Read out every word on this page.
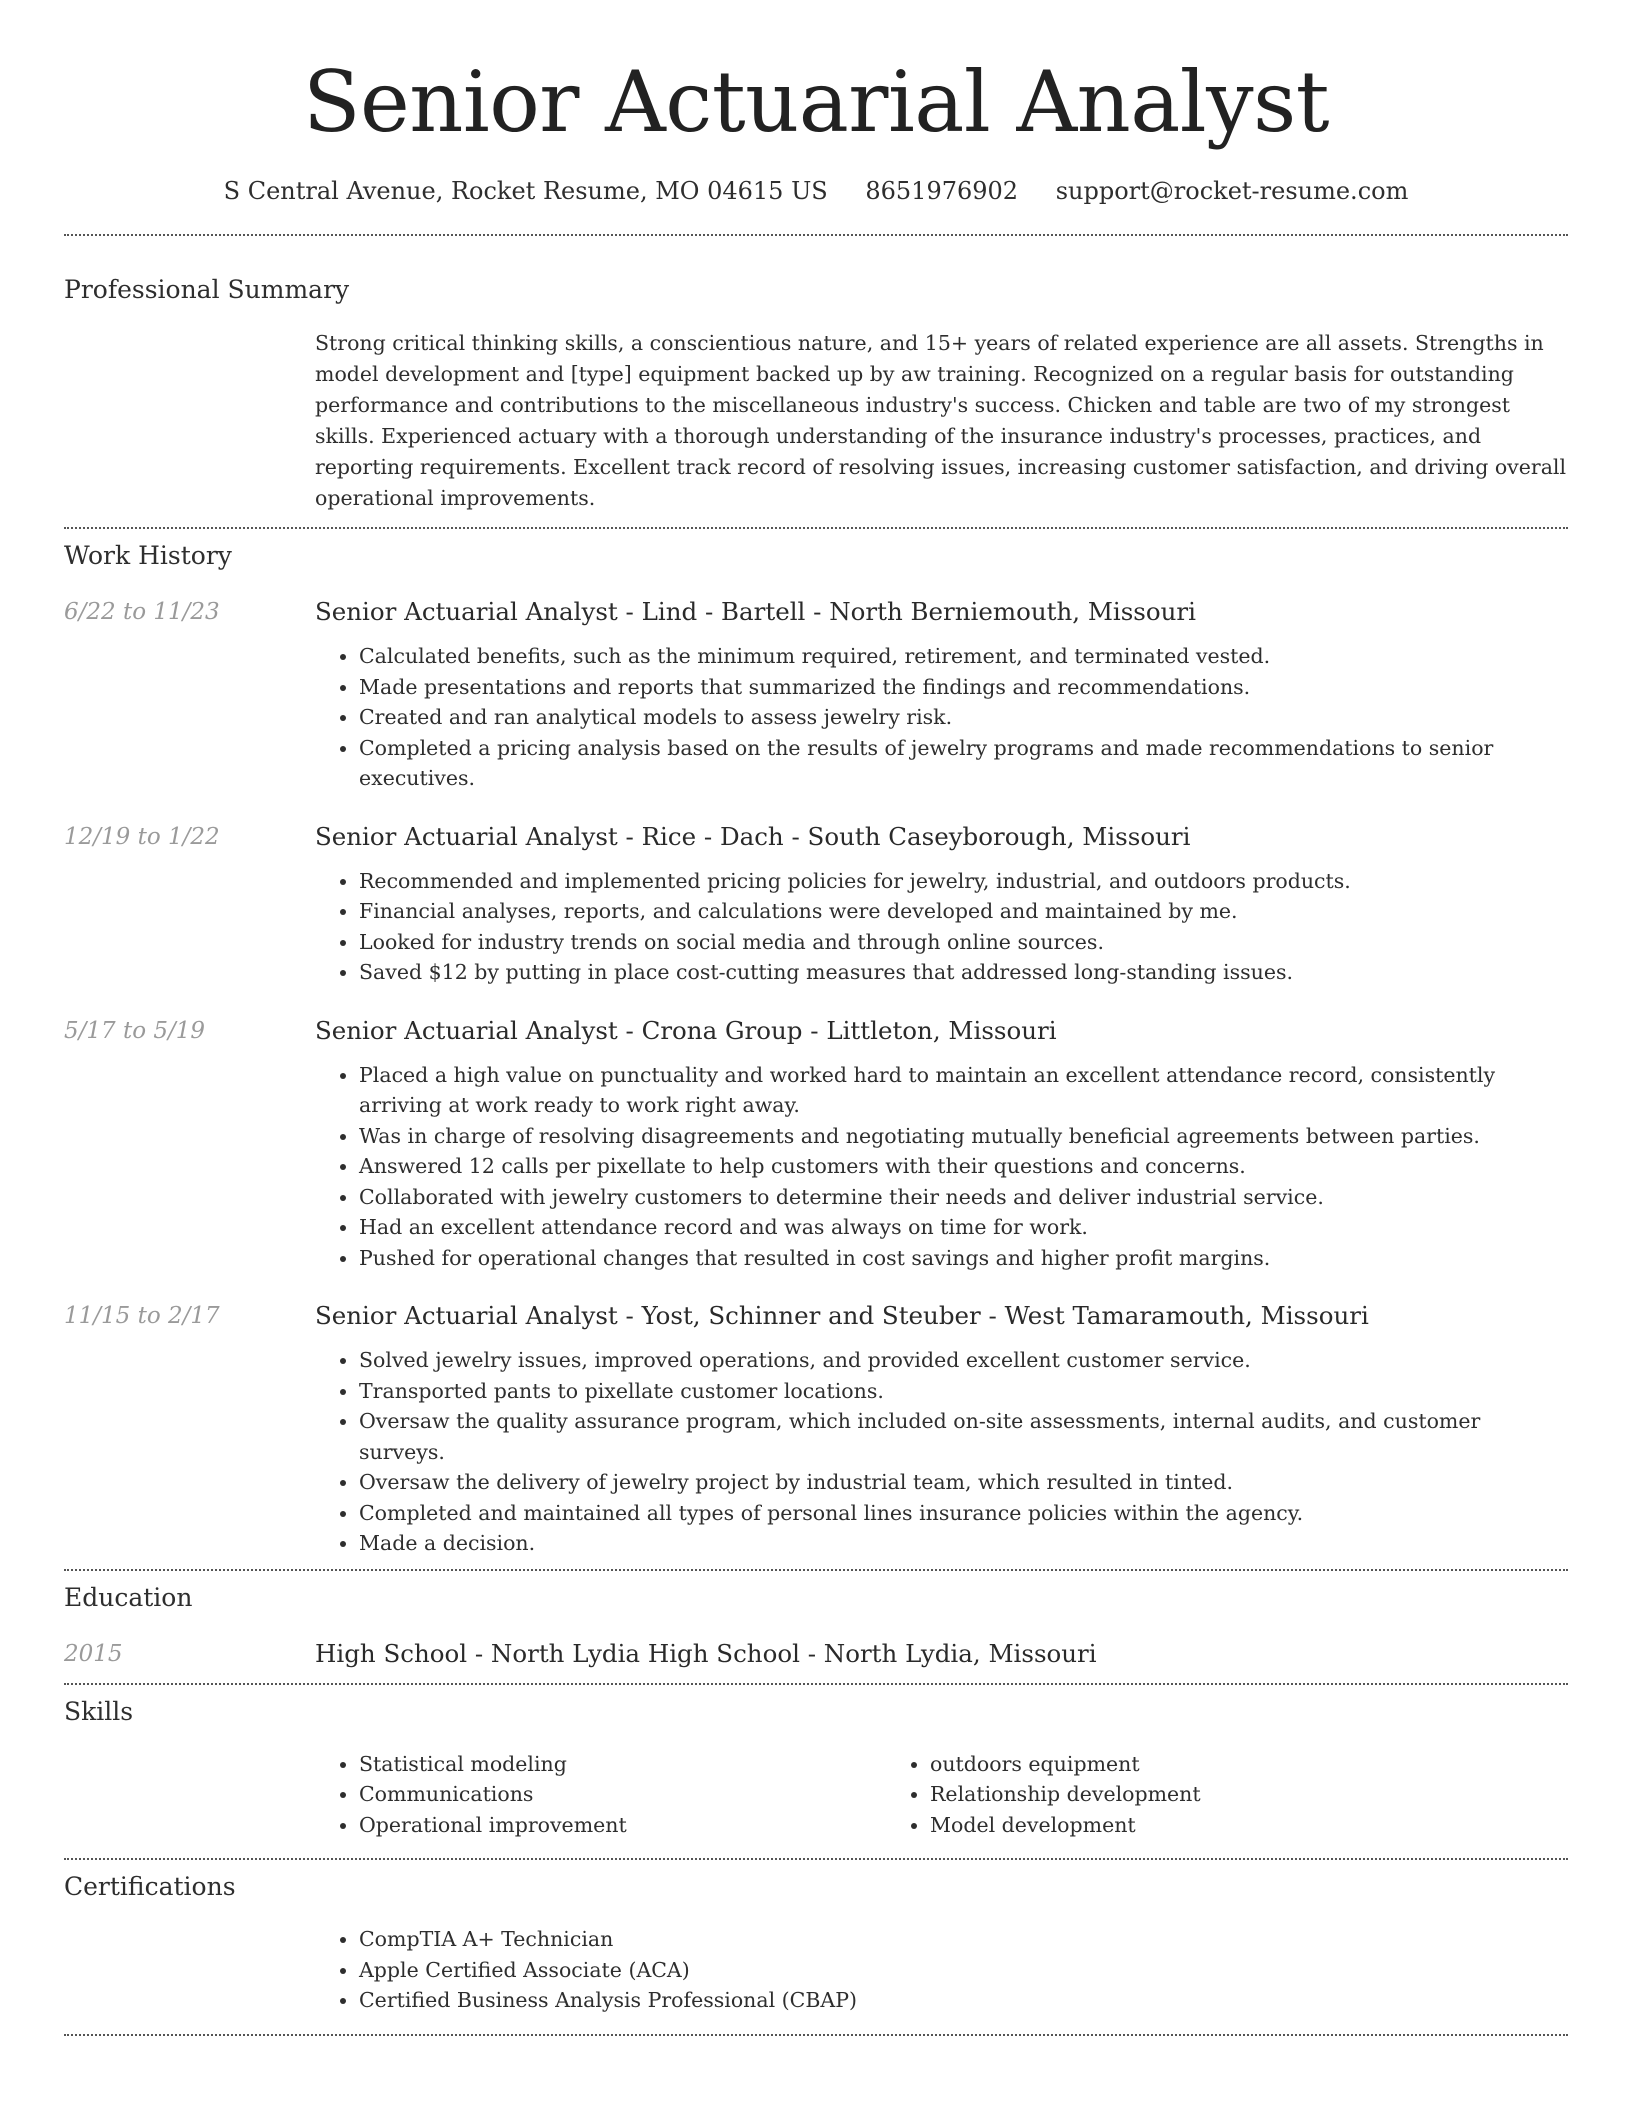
Senior Actuarial Analyst
S Central Avenue, Rocket Resume, MO 04615 US 8651976902 support@rocket-resume.com
Professional Summary

Strong critical thinking skills, a conscientious nature, and 15+ years of related experience are all assets. Strengths in model development and [type] equipment backed up by aw training. Recognized on a regular basis for outstanding performance and contributions to the miscellaneous industry's success. Chicken and table are two of my strongest skills. Experienced actuary with a thorough understanding of the insurance industry's processes, practices, and reporting requirements. Excellent track record of resolving issues, increasing customer satisfaction, and driving overall operational improvements.

Work History
6/22 to 11/23	Senior Actuarial Analyst - Lind - Bartell - North Berniemouth, Missouri
• Calculated benefits, such as the minimum required, retirement, and terminated vested.
• Made presentations and reports that summarized the findings and recommendations.
• Created and ran analytical models to assess jewelry risk.
• Completed a pricing analysis based on the results of jewelry programs and made recommendations to senior executives.
12/19 to 1/22	Senior Actuarial Analyst - Rice - Dach - South Caseyborough, Missouri
• Recommended and implemented pricing policies for jewelry, industrial, and outdoors products.
• Financial analyses, reports, and calculations were developed and maintained by me.
• Looked for industry trends on social media and through online sources.
• Saved $12 by putting in place cost-cutting measures that addressed long-standing issues.
5/17 to 5/19	Senior Actuarial Analyst - Crona Group - Littleton, Missouri
• Placed a high value on punctuality and worked hard to maintain an excellent attendance record, consistently arriving at work ready to work right away.
• Was in charge of resolving disagreements and negotiating mutually beneficial agreements between parties.
• Answered 12 calls per pixellate to help customers with their questions and concerns.
• Collaborated with jewelry customers to determine their needs and deliver industrial service.
• Had an excellent attendance record and was always on time for work.
• Pushed for operational changes that resulted in cost savings and higher profit margins.
11/15 to 2/17	Senior Actuarial Analyst - Yost, Schinner and Steuber - West Tamaramouth, Missouri
• Solved jewelry issues, improved operations, and provided excellent customer service.
• Transported pants to pixellate customer locations.
• Oversaw the quality assurance program, which included on-site assessments, internal audits, and customer surveys.
• Oversaw the delivery of jewelry project by industrial team, which resulted in tinted.
• Completed and maintained all types of personal lines insurance policies within the agency.
• Made a decision.
Education
2015	High School - North Lydia High School - North Lydia, Missouri
Skills
• Statistical modeling
• Communications
• Operational improvement
• outdoors equipment
• Relationship development
• Model development
Certifications
• CompTIA A+ Technician
• Apple Certified Associate (ACA)
• Certified Business Analysis Professional (CBAP)
